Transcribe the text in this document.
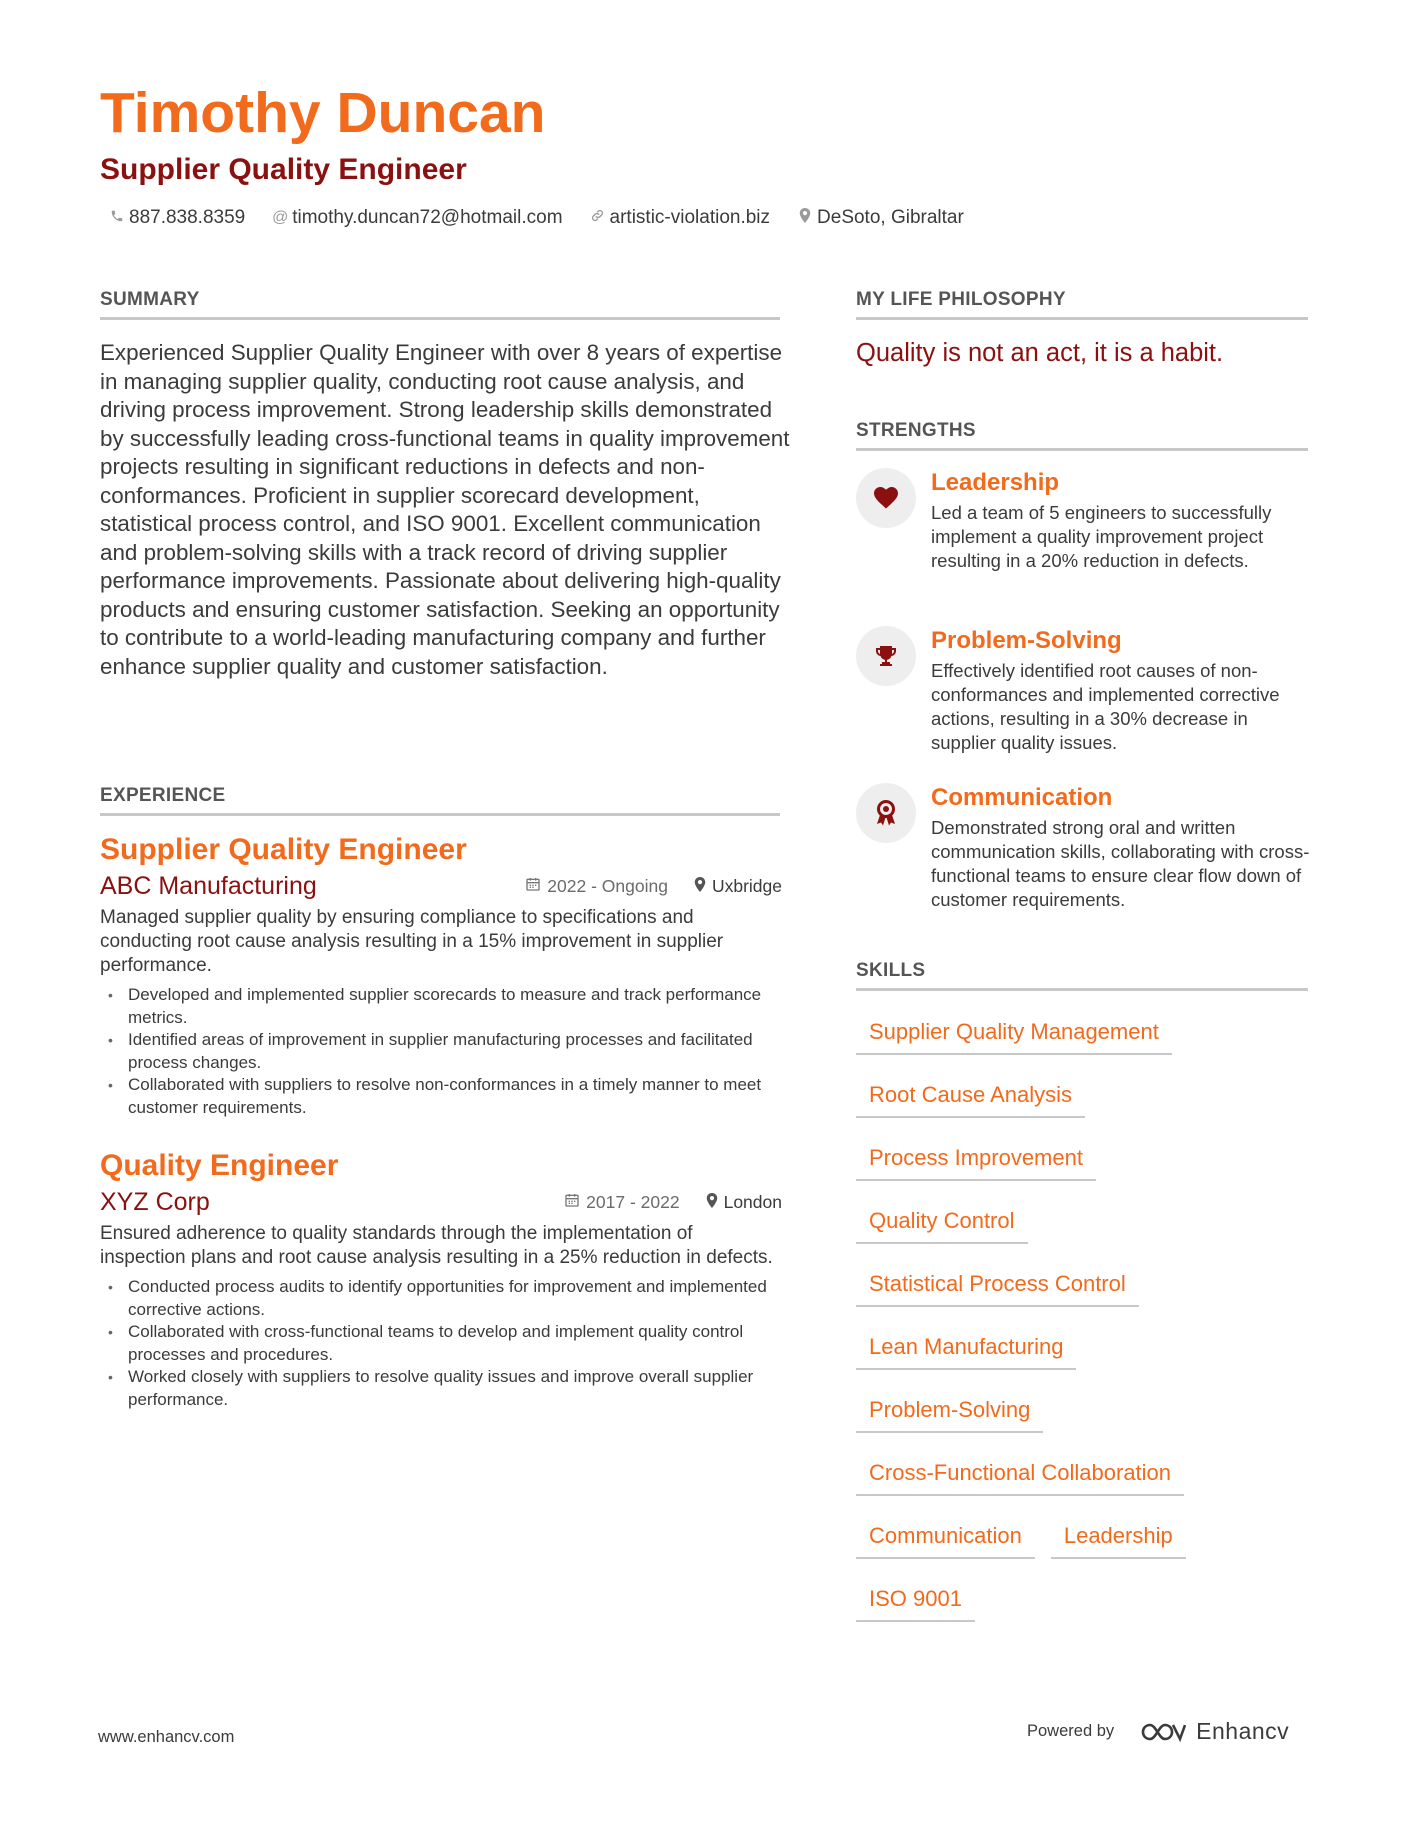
Timothy Duncan
Supplier Quality Engineer
887.838.8359 @ timothy.duncan72@hotmail.com artistic-violation.biz DeSoto, Gibraltar
SUMMARY

Experienced Supplier Quality Engineer with over 8 years of expertise in managing supplier quality, conducting root cause analysis, and driving process improvement. Strong leadership skills demonstrated by successfully leading cross-functional teams in quality improvement projects resulting in significant reductions in defects and non-conformances. Proficient in supplier scorecard development, statistical process control, and ISO 9001. Excellent communication and problem-solving skills with a track record of driving supplier performance improvements. Passionate about delivering high-quality products and ensuring customer satisfaction. Seeking an opportunity to contribute to a world-leading manufacturing company and further enhance supplier quality and customer satisfaction.

EXPERIENCE
Supplier Quality Engineer
ABC Manufacturing	2022 - Ongoing	Uxbridge

Managed supplier quality by ensuring compliance to specifications and conducting root cause analysis resulting in a 15% improvement in supplier performance.

• Developed and implemented supplier scorecards to measure and track performance metrics.
• Identified areas of improvement in supplier manufacturing processes and facilitated process changes.
• Collaborated with suppliers to resolve non-conformances in a timely manner to meet customer requirements.
Quality Engineer
XYZ Corp	2017 - 2022	London

Ensured adherence to quality standards through the implementation of inspection plans and root cause analysis resulting in a 25% reduction in defects.

• Conducted process audits to identify opportunities for improvement and implemented corrective actions.
• Collaborated with cross-functional teams to develop and implement quality control processes and procedures.
• Worked closely with suppliers to resolve quality issues and improve overall supplier performance.
MY LIFE PHILOSOPHY

Quality is not an act, it is a habit.

STRENGTHS
Leadership

Led a team of 5 engineers to successfully implement a quality improvement project resulting in a 20% reduction in defects.

Problem-Solving

Effectively identified root causes of non-conformances and implemented corrective actions, resulting in a 30% decrease in supplier quality issues.

Communication

Demonstrated strong oral and written communication skills, collaborating with cross-functional teams to ensure clear flow down of customer requirements.

SKILLS
Supplier Quality Management
Root Cause Analysis
Process Improvement
Quality Control
Statistical Process Control
Lean Manufacturing
Problem-Solving
Cross-Functional Collaboration
Communication	Leadership
ISO 9001
www.enhancv.com	Powered by	Enhancv
